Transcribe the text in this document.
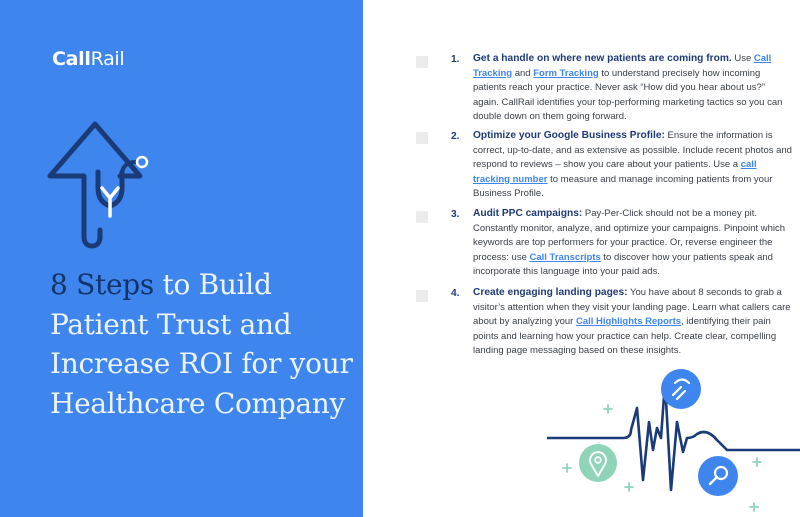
CallRail
8 Steps to Build Patient Trust and Increase ROI for your Healthcare Company
1. Get a handle on where new patients are coming from. Use Call Tracking and Form Tracking to understand precisely how incoming patients reach your practice. Never ask “How did you hear about us?” again. CallRail identifies your top-performing marketing tactics so you can double down on them going forward.

2. Optimize your Google Business Profile: Ensure the information is correct, up-to-date, and as extensive as possible. Include recent photos and respond to reviews – show you care about your patients. Use a call tracking number to measure and manage incoming patients from your Business Profile.

3. Audit PPC campaigns: Pay-Per-Click should not be a money pit. Constantly monitor, analyze, and optimize your campaigns. Pinpoint which keywords are top performers for your practice. Or, reverse engineer the process: use Call Transcripts to discover how your patients speak and incorporate this language into your paid ads.

4. Create engaging landing pages: You have about 8 seconds to grab a visitor’s attention when they visit your landing page. Learn what callers care about by analyzing your Call Highlights Reports, identifying their pain points and learning how your practice can help. Create clear, compelling landing page messaging based on these insights.
